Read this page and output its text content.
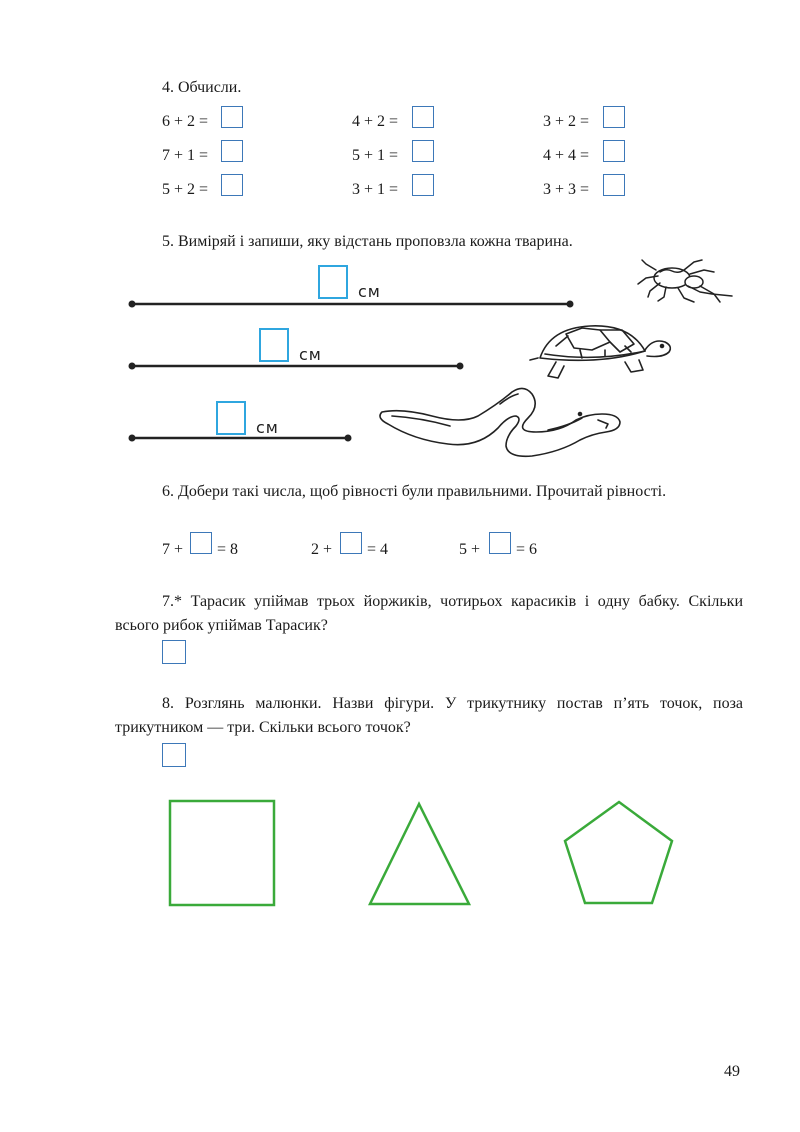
4. Обчисли.
6 + 2 =
7 + 1 =
5 + 2 =
4 + 2 =
5 + 1 =
3 + 1 =
3 + 2 =
4 + 4 =
3 + 3 =
5. Виміряй і запиши, яку відстань проповзла кожна тварина.
см
см
см
6. Добери такі числа, щоб рівності були правильними. Прочитай рівності.
7 + = 8	2 + = 4	5 + = 6
7.* Тарасик упіймав трьох йоржиків, чотирьох карасиків і одну бабку. Скільки всього рибок упіймав Тарасик?
8. Розглянь малюнки. Назви фігури. У трикутнику постав п’ять точок, поза трикутником — три. Скільки всього точок?
49
